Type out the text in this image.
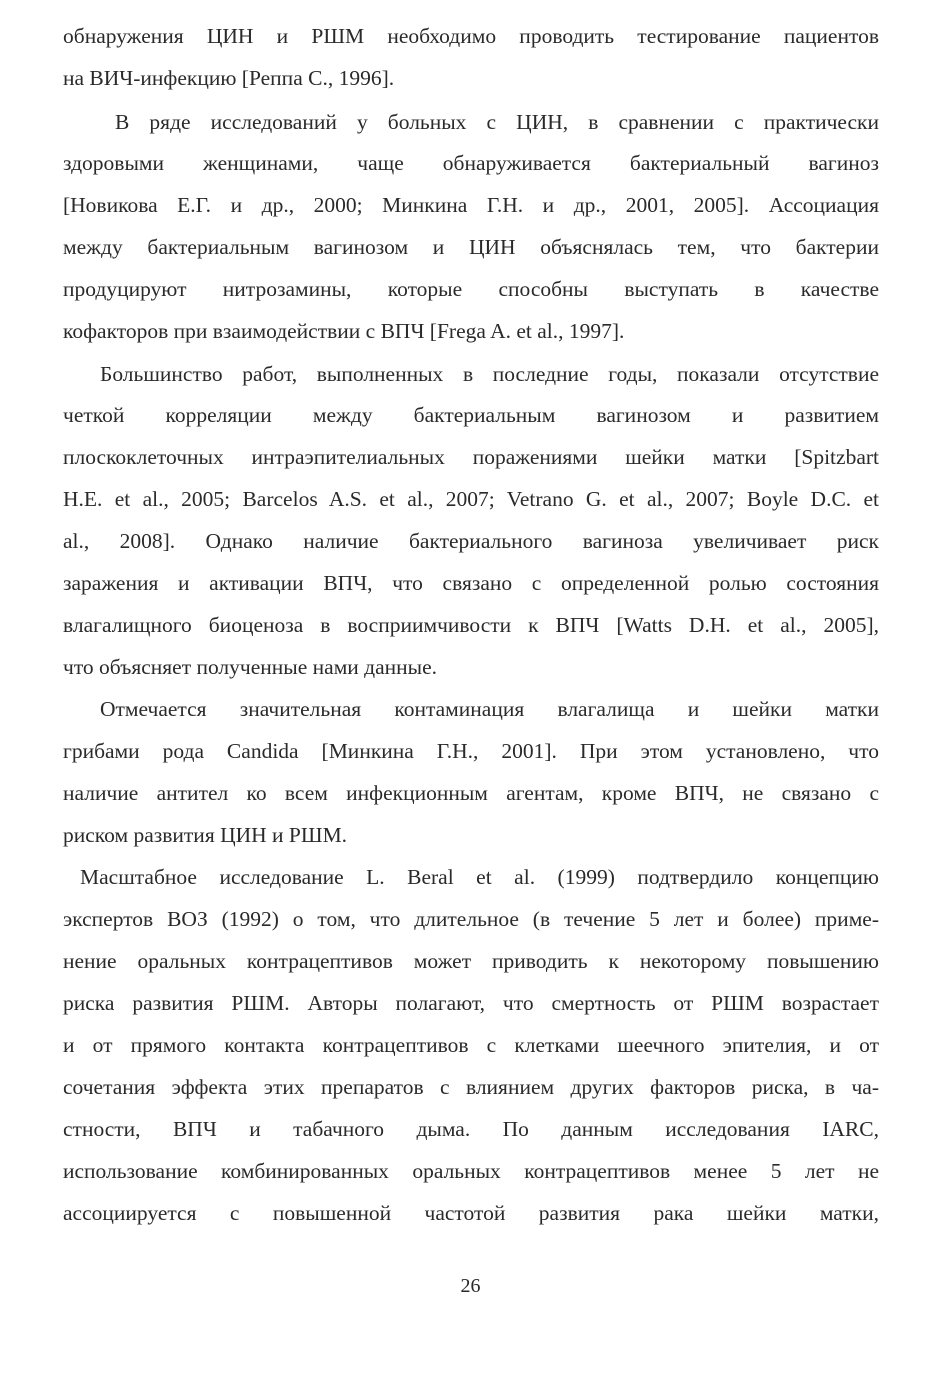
обнаружения ЦИН и РШМ необходимо проводить тестирование пациентов
на ВИЧ-инфекцию [Реппа С., 1996].
В ряде исследований у больных с ЦИН, в сравнении с практически
здоровыми женщинами, чаще обнаруживается бактериальный вагиноз
[Новикова Е.Г. и др., 2000; Минкина Г.Н. и др., 2001, 2005]. Ассоциация
между бактериальным вагинозом и ЦИН объяснялась тем, что бактерии
продуцируют нитрозамины, которые способны выступать в качестве
кофакторов при взаимодействии с ВПЧ [Frega A. et al., 1997].
Большинство работ, выполненных в последние годы, показали отсутствие
четкой корреляции между бактериальным вагинозом и развитием
плоскоклеточных интраэпителиальных поражениями шейки матки [Spitzbart
H.E. et al., 2005; Barcelos A.S. et al., 2007; Vetrano G. et al., 2007; Boyle D.C. et
al., 2008]. Однако наличие бактериального вагиноза увеличивает риск
заражения и активации ВПЧ, что связано с определенной ролью состояния
влагалищного биоценоза в восприимчивости к ВПЧ [Watts D.H. et al., 2005],
что объясняет полученные нами данные.
Отмечается значительная контаминация влагалища и шейки матки
грибами рода Candida [Минкина Г.Н., 2001]. При этом установлено, что
наличие антител ко всем инфекционным агентам, кроме ВПЧ, не связано с
риском развития ЦИН и РШМ.
Масштабное исследование L. Beral et al. (1999) подтвердило концепцию
экспертов ВОЗ (1992) о том, что длительное (в течение 5 лет и более) приме-
нение оральных контрацептивов может приводить к некоторому повышению
риска развития РШМ. Авторы полагают, что смертность от РШМ возрастает
и от прямого контакта контрацептивов с клетками шеечного эпителия, и от
сочетания эффекта этих препаратов с влиянием других факторов риска, в ча-
стности, ВПЧ и табачного дыма. По данным исследования IARC,
использование комбинированных оральных контрацептивов менее 5 лет не
ассоциируется с повышенной частотой развития рака шейки матки,
26
